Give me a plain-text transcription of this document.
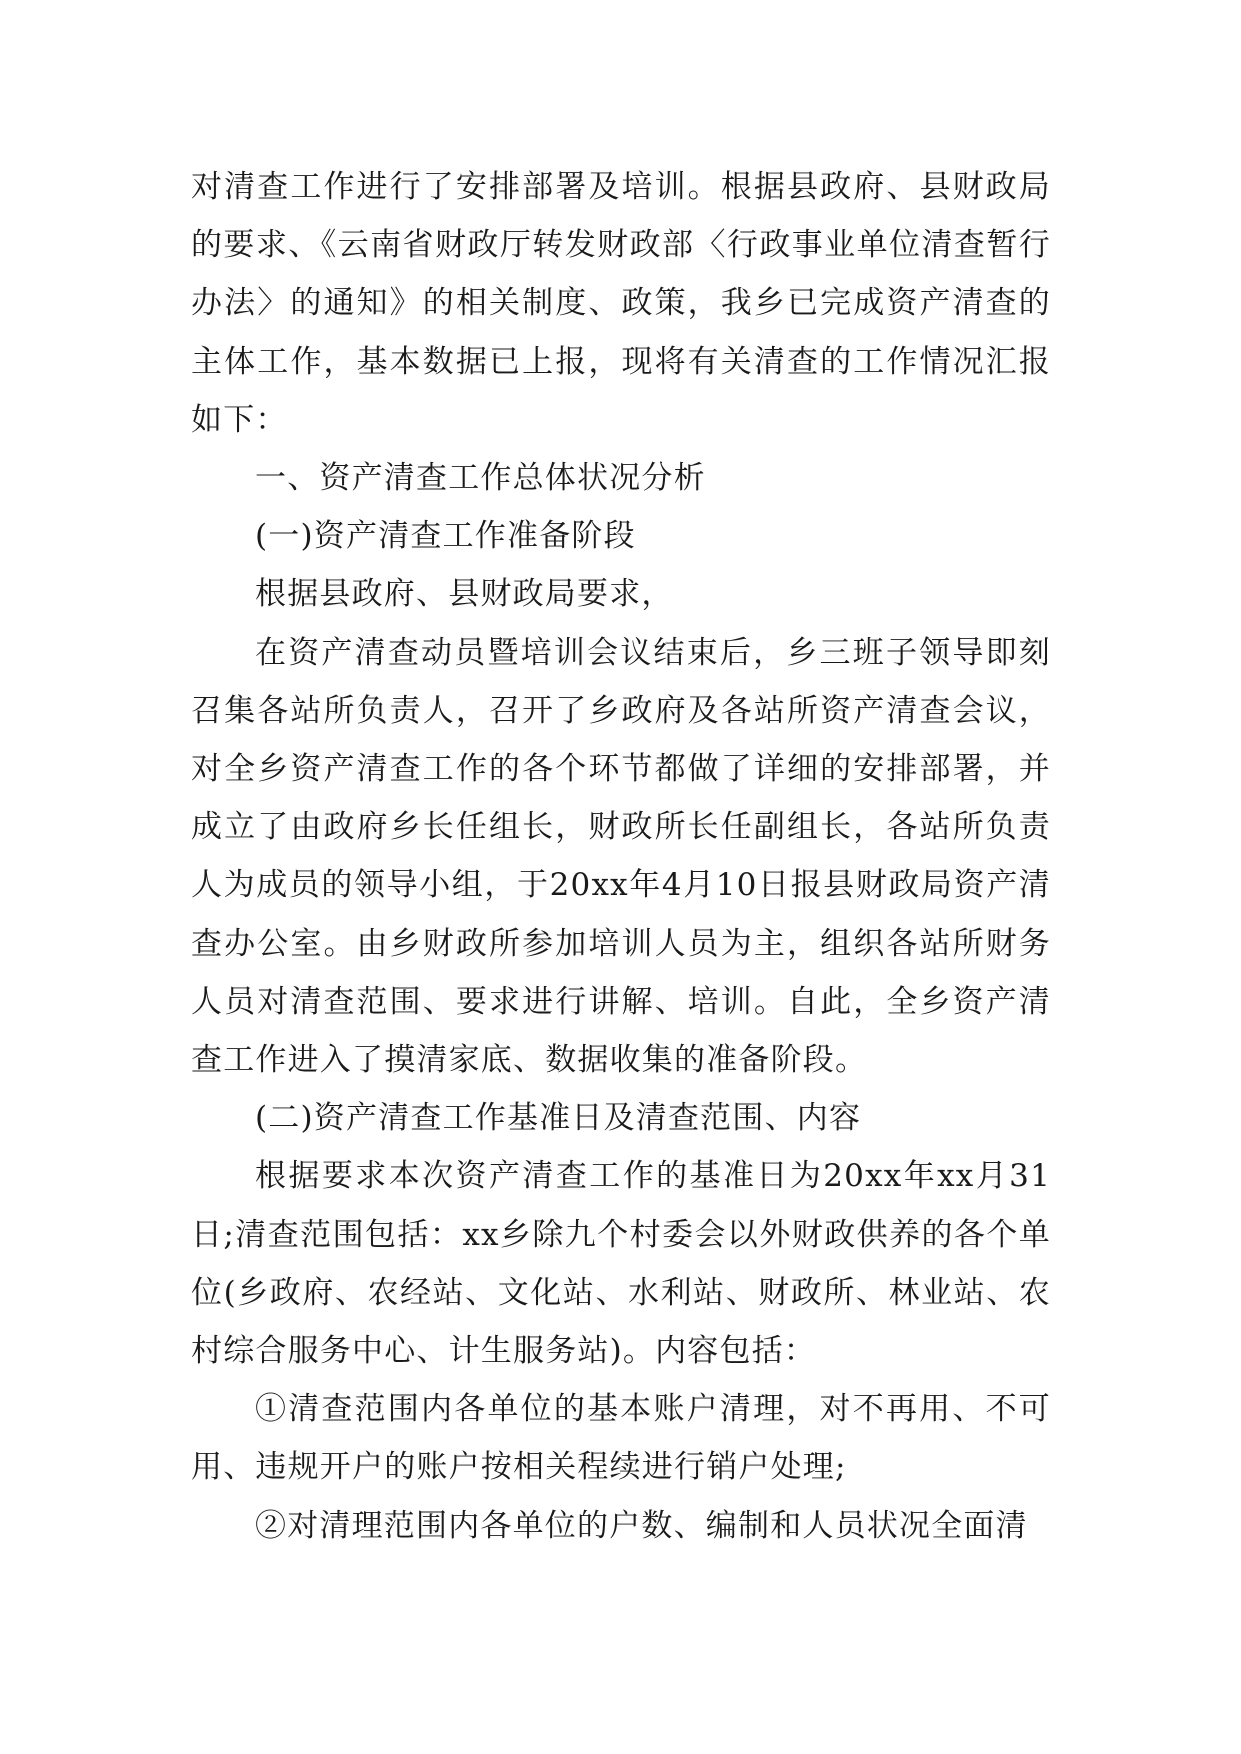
对清查工作进行了安排部署及培训。根据县政府、县财政局的要求、《云南省财政厅转发财政部〈行政事业单位清查暂行办法〉的通知》的相关制度、政策，我乡已完成资产清查的主体工作，基本数据已上报，现将有关清查的工作情况汇报如下：

一、资产清查工作总体状况分析

(一)资产清查工作准备阶段

根据县政府、县财政局要求，

在资产清查动员暨培训会议结束后，乡三班子领导即刻召集各站所负责人，召开了乡政府及各站所资产清查会议，对全乡资产清查工作的各个环节都做了详细的安排部署，并成立了由政府乡长任组长，财政所长任副组长，各站所负责人为成员的领导小组，于20xx年4月10日报县财政局资产清查办公室。由乡财政所参加培训人员为主，组织各站所财务人员对清查范围、要求进行讲解、培训。自此，全乡资产清查工作进入了摸清家底、数据收集的准备阶段。

(二)资产清查工作基准日及清查范围、内容

根据要求本次资产清查工作的基准日为20xx年xx月31日;清查范围包括：xx乡除九个村委会以外财政供养的各个单位(乡政府、农经站、文化站、水利站、财政所、林业站、农村综合服务中心、计生服务站)。内容包括：

①清查范围内各单位的基本账户清理，对不再用、不可用、违规开户的账户按相关程续进行销户处理;

②对清理范围内各单位的户数、编制和人员状况全面清
